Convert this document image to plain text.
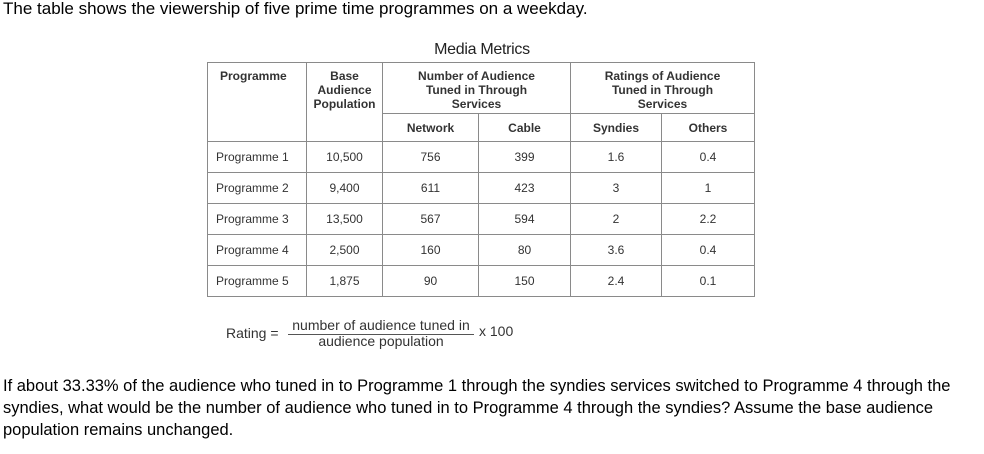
The table shows the viewership of five prime time programmes on a weekday.
Media Metrics
Programme	Base Audience Population	Number of Audience Tuned in Through Services		Ratings of Audience Tuned in Through Services	
		Network	Cable	Syndies	Others
Programme 1	10,500	756	399	1.6	0.4
Programme 2	9,400	611	423	3	1
Programme 3	13,500	567	594	2	2.2
Programme 4	2,500	160	80	3.6	0.4
Programme 5	1,875	90	150	2.4	0.1
Rating = number of audience tuned in
audience population
x 100
If about 33.33% of the audience who tuned in to Programme 1 through the syndies services switched to Programme 4 through the syndies, what would be the number of audience who tuned in to Programme 4 through the syndies? Assume the base audience population remains unchanged.
